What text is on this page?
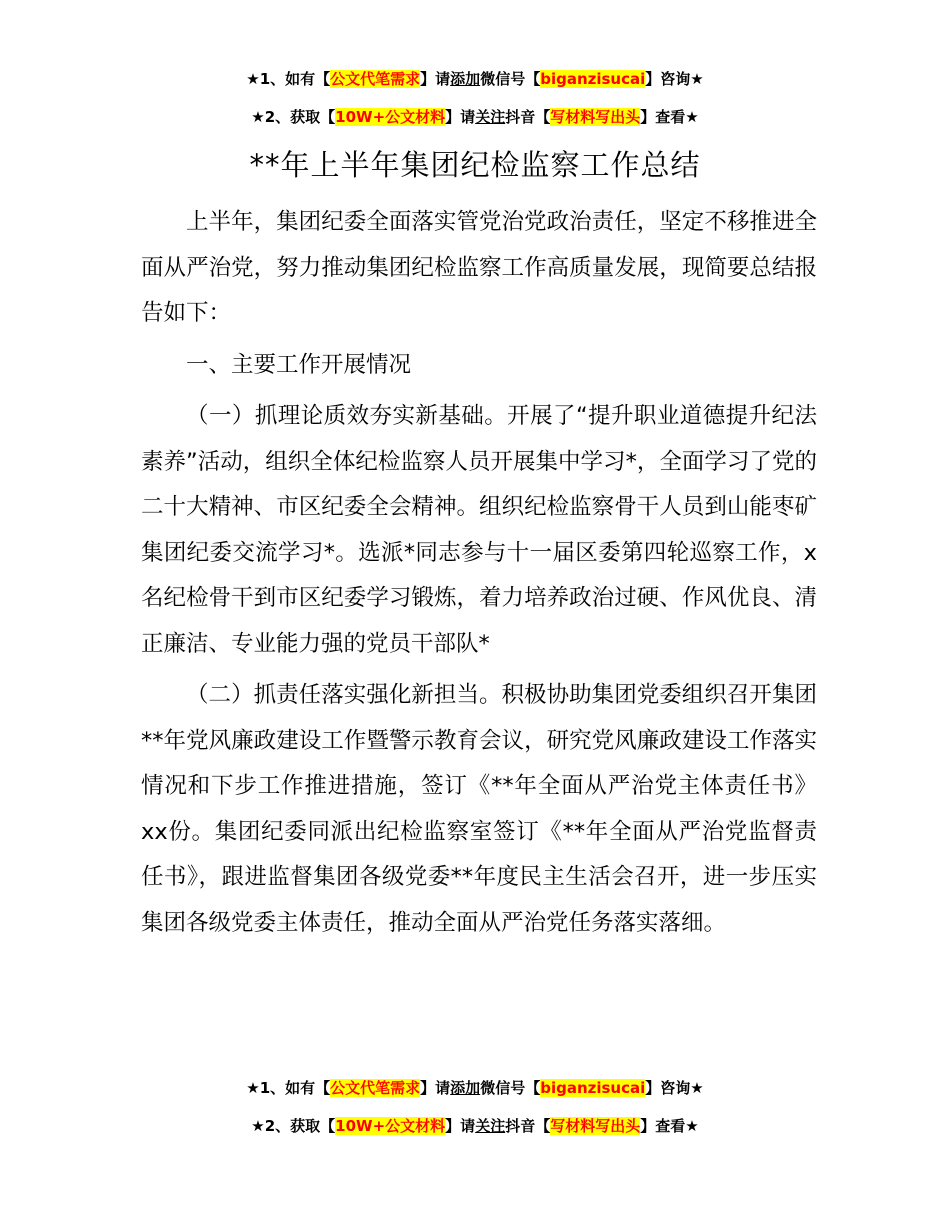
★1、如有【公文代笔需求】请添加微信号【biganzisucai】咨询★
★2、获取【10W+公文材料】请关注抖音【写材料写出头】查看★
**年上半年集团纪检监察工作总结

上半年，集团纪委全面落实管党治党政治责任，坚定不移推进全面从严治党，努力推动集团纪检监察工作高质量发展，现简要总结报告如下：

一、主要工作开展情况

（一）抓理论质效夯实新基础。开展了“提升职业道德提升纪法素养”活动，组织全体纪检监察人员开展集中学习*，全面学习了党的二十大精神、市区纪委全会精神。组织纪检监察骨干人员到山能枣矿集团纪委交流学习*。选派*同志参与十一届区委第四轮巡察工作，x名纪检骨干到市区纪委学习锻炼，着力培养政治过硬、作风优良、清正廉洁、专业能力强的党员干部队*

（二）抓责任落实强化新担当。积极协助集团党委组织召开集团**年党风廉政建设工作暨警示教育会议，研究党风廉政建设工作落实情况和下步工作推进措施，签订《**年全面从严治党主体责任书》xx份。集团纪委同派出纪检监察室签订《**年全面从严治党监督责任书》，跟进监督集团各级党委**年度民主生活会召开，进一步压实集团各级党委主体责任，推动全面从严治党任务落实落细。

★1、如有【公文代笔需求】请添加微信号【biganzisucai】咨询★
★2、获取【10W+公文材料】请关注抖音【写材料写出头】查看★
